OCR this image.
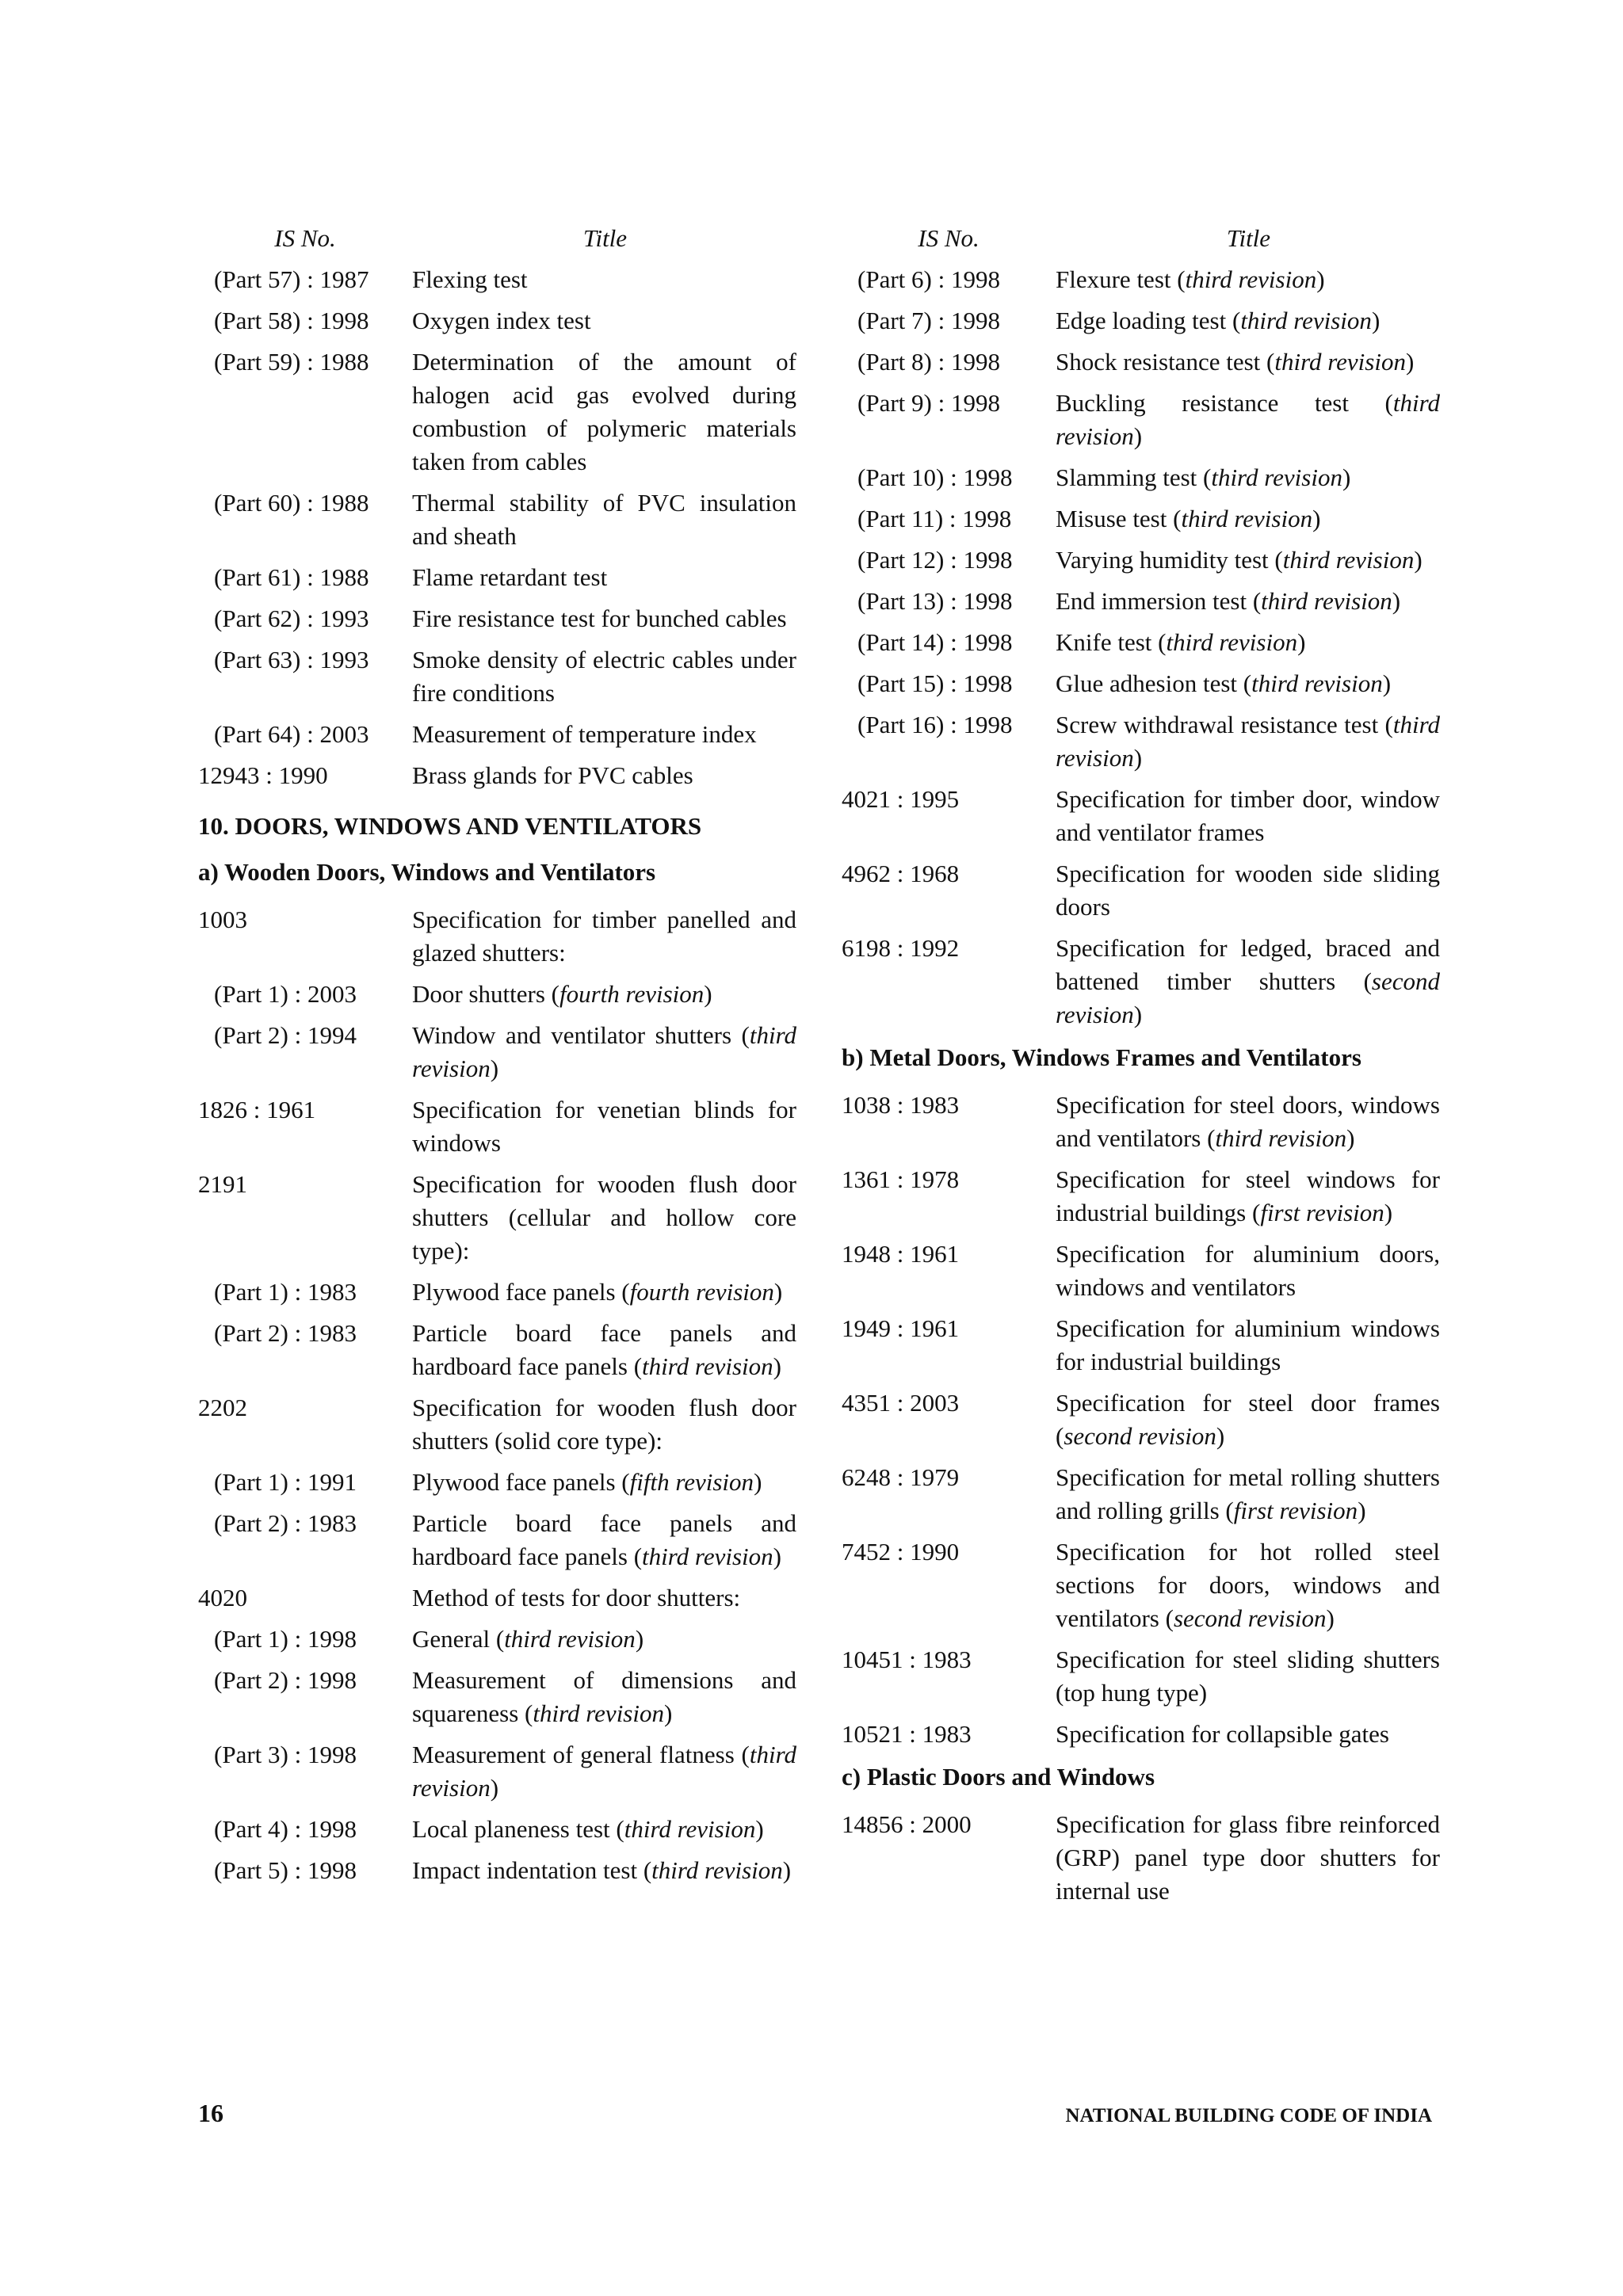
IS No.	Title
(Part 57) : 1987	Flexing test
(Part 58) : 1998	Oxygen index test
(Part 59) : 1988	Determination of the amount of halogen acid gas evolved during combustion of polymeric materials taken from cables
(Part 60) : 1988	Thermal stability of PVC insulation and sheath
(Part 61) : 1988	Flame retardant test
(Part 62) : 1993	Fire resistance test for bunched cables
(Part 63) : 1993	Smoke density of electric cables under fire conditions
(Part 64) : 2003	Measurement of temperature index
12943 : 1990	Brass glands for PVC cables
10. DOORS, WINDOWS AND VENTILATORS
a) Wooden Doors, Windows and Ventilators
1003	Specification for timber panelled and glazed shutters:
(Part 1) : 2003	Door shutters (fourth revision)
(Part 2) : 1994	Window and ventilator shutters (third revision)
1826 : 1961	Specification for venetian blinds for windows
2191	Specification for wooden flush door shutters (cellular and hollow core type):
(Part 1) : 1983	Plywood face panels (fourth revision)
(Part 2) : 1983	Particle board face panels and hardboard face panels (third revision)
2202	Specification for wooden flush door shutters (solid core type):
(Part 1) : 1991	Plywood face panels (fifth revision)
(Part 2) : 1983	Particle board face panels and hardboard face panels (third revision)
4020	Method of tests for door shutters:
(Part 1) : 1998	General (third revision)
(Part 2) : 1998	Measurement of dimensions and squareness (third revision)
(Part 3) : 1998	Measurement of general flatness (third revision)
(Part 4) : 1998	Local planeness test (third revision)
(Part 5) : 1998	Impact indentation test (third revision)
IS No.	Title
(Part 6) : 1998	Flexure test (third revision)
(Part 7) : 1998	Edge loading test (third revision)
(Part 8) : 1998	Shock resistance test (third revision)
(Part 9) : 1998	Buckling resistance test (third revision)
(Part 10) : 1998	Slamming test (third revision)
(Part 11) : 1998	Misuse test (third revision)
(Part 12) : 1998	Varying humidity test (third revision)
(Part 13) : 1998	End immersion test (third revision)
(Part 14) : 1998	Knife test (third revision)
(Part 15) : 1998	Glue adhesion test (third revision)
(Part 16) : 1998	Screw withdrawal resistance test (third revision)
4021 : 1995	Specification for timber door, window and ventilator frames
4962 : 1968	Specification for wooden side sliding doors
6198 : 1992	Specification for ledged, braced and battened timber shutters (second revision)
b) Metal Doors, Windows Frames and Ventilators
1038 : 1983	Specification for steel doors, windows and ventilators (third revision)
1361 : 1978	Specification for steel windows for industrial buildings (first revision)
1948 : 1961	Specification for aluminium doors, windows and ventilators
1949 : 1961	Specification for aluminium windows for industrial buildings
4351 : 2003	Specification for steel door frames (second revision)
6248 : 1979	Specification for metal rolling shutters and rolling grills (first revision)
7452 : 1990	Specification for hot rolled steel sections for doors, windows and ventilators (second revision)
10451 : 1983	Specification for steel sliding shutters (top hung type)
10521 : 1983	Specification for collapsible gates
c) Plastic Doors and Windows
14856 : 2000	Specification for glass fibre reinforced (GRP) panel type door shutters for internal use
16	NATIONAL BUILDING CODE OF INDIA
